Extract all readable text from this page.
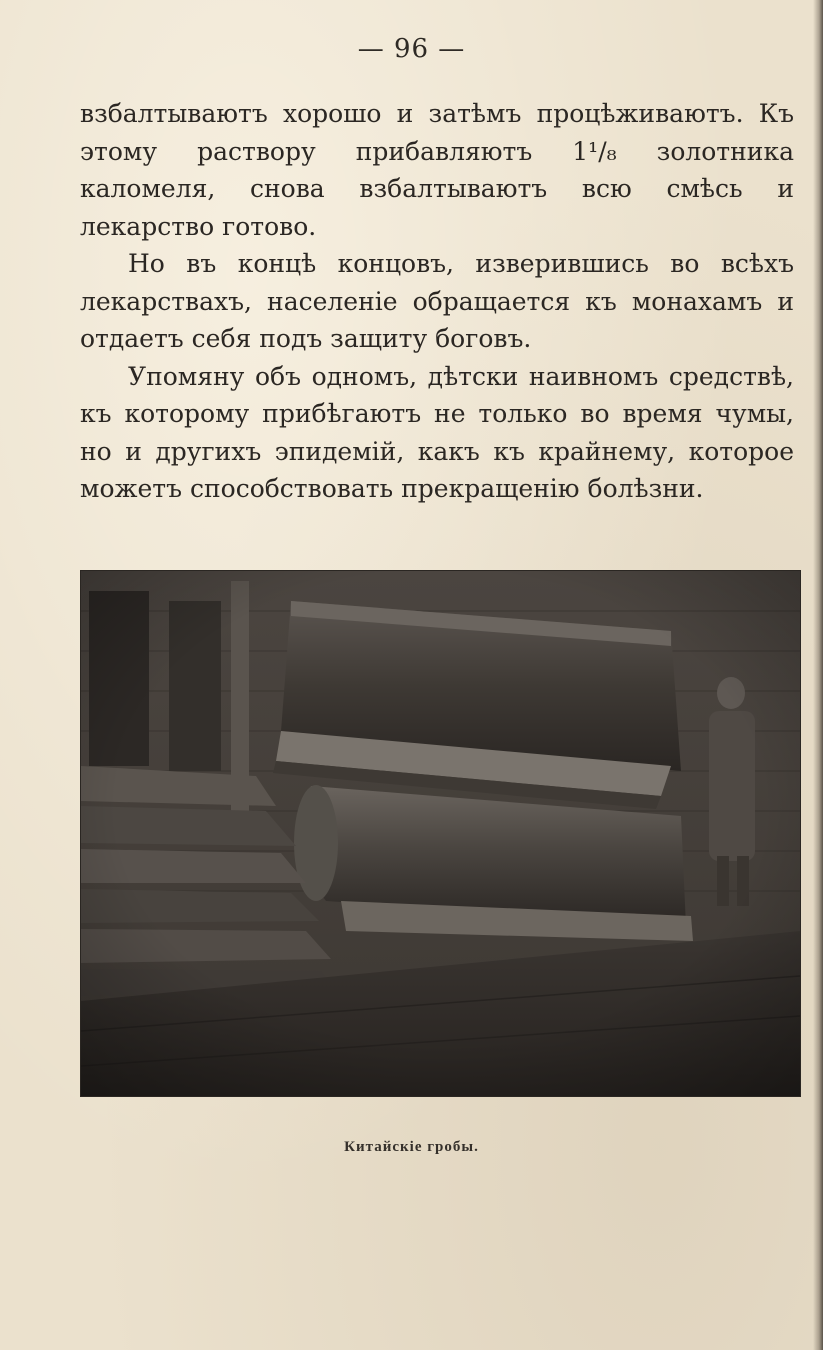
— 96 —

взбалтываютъ хорошо и затѣмъ процѣживаютъ. Къ этому раствору прибавляютъ 1¹/₈ золотника каломеля, снова взбалтываютъ всю смѣсь и лекарство готово.

Но въ концѣ концовъ, изверившись во всѣхъ лекарствахъ, населеніе обращается къ монахамъ и отдаетъ себя подъ защиту боговъ.

Упомяну объ одномъ, дѣтски наивномъ средствѣ, къ которому прибѣгаютъ не только во время чумы, но и другихъ эпидемій, какъ къ крайнему, которое можетъ способствовать прекращенію болѣзни.

Китайскіе гробы.
